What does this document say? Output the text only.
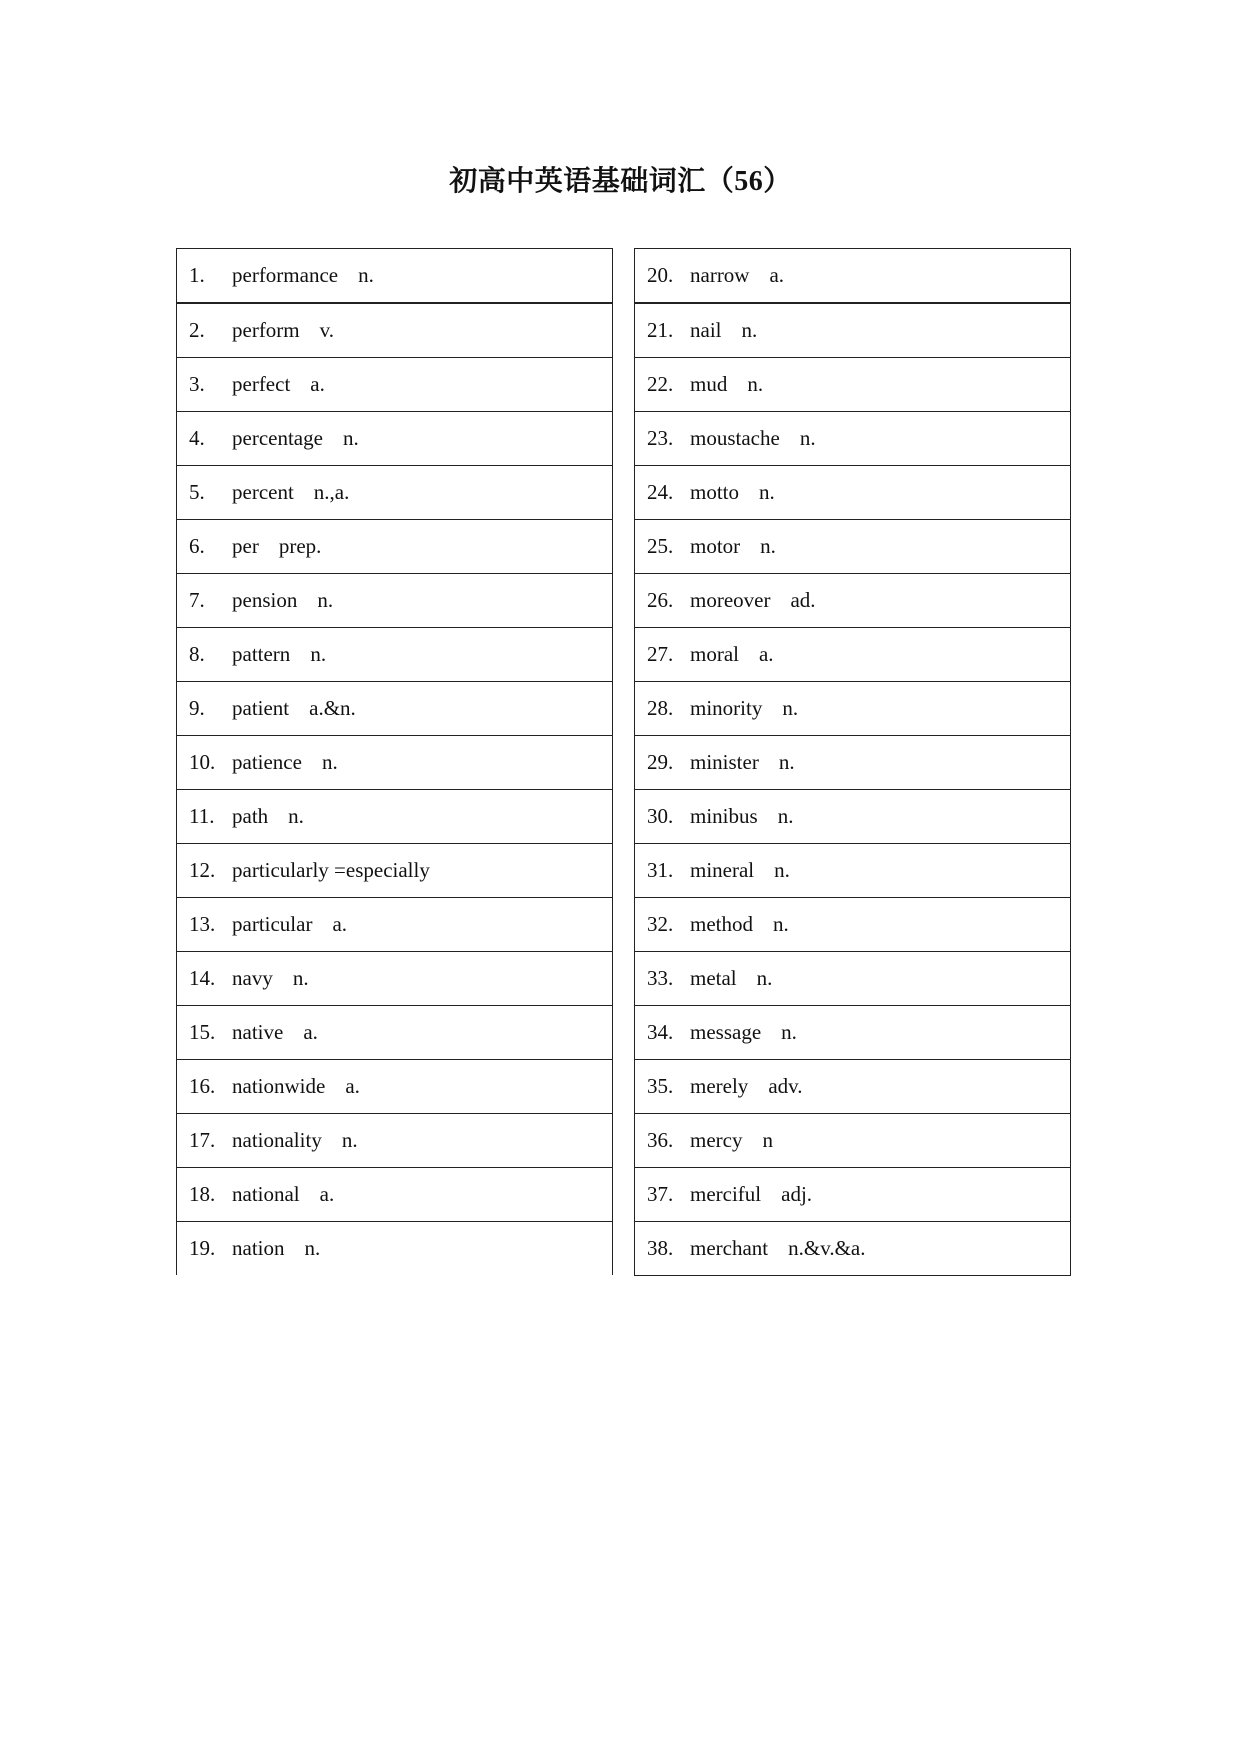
初高中英语基础词汇（56）
1. performance n.
2. perform v.
3. perfect a.
4. percentage n.
5. percent n.,a.
6. per prep.
7. pension n.
8. pattern n.
9. patient a.&n.
10. patience n.
11. path n.
12. particularly =especially
13. particular a.
14. navy n.
15. native a.
16. nationwide a.
17. nationality n.
18. national a.
19. nation n.
20. narrow a.
21. nail n.
22. mud n.
23. moustache n.
24. motto n.
25. motor n.
26. moreover ad.
27. moral a.
28. minority n.
29. minister n.
30. minibus n.
31. mineral n.
32. method n.
33. metal n.
34. message n.
35. merely adv.
36. mercy n
37. merciful adj.
38. merchant n.&v.&a.
